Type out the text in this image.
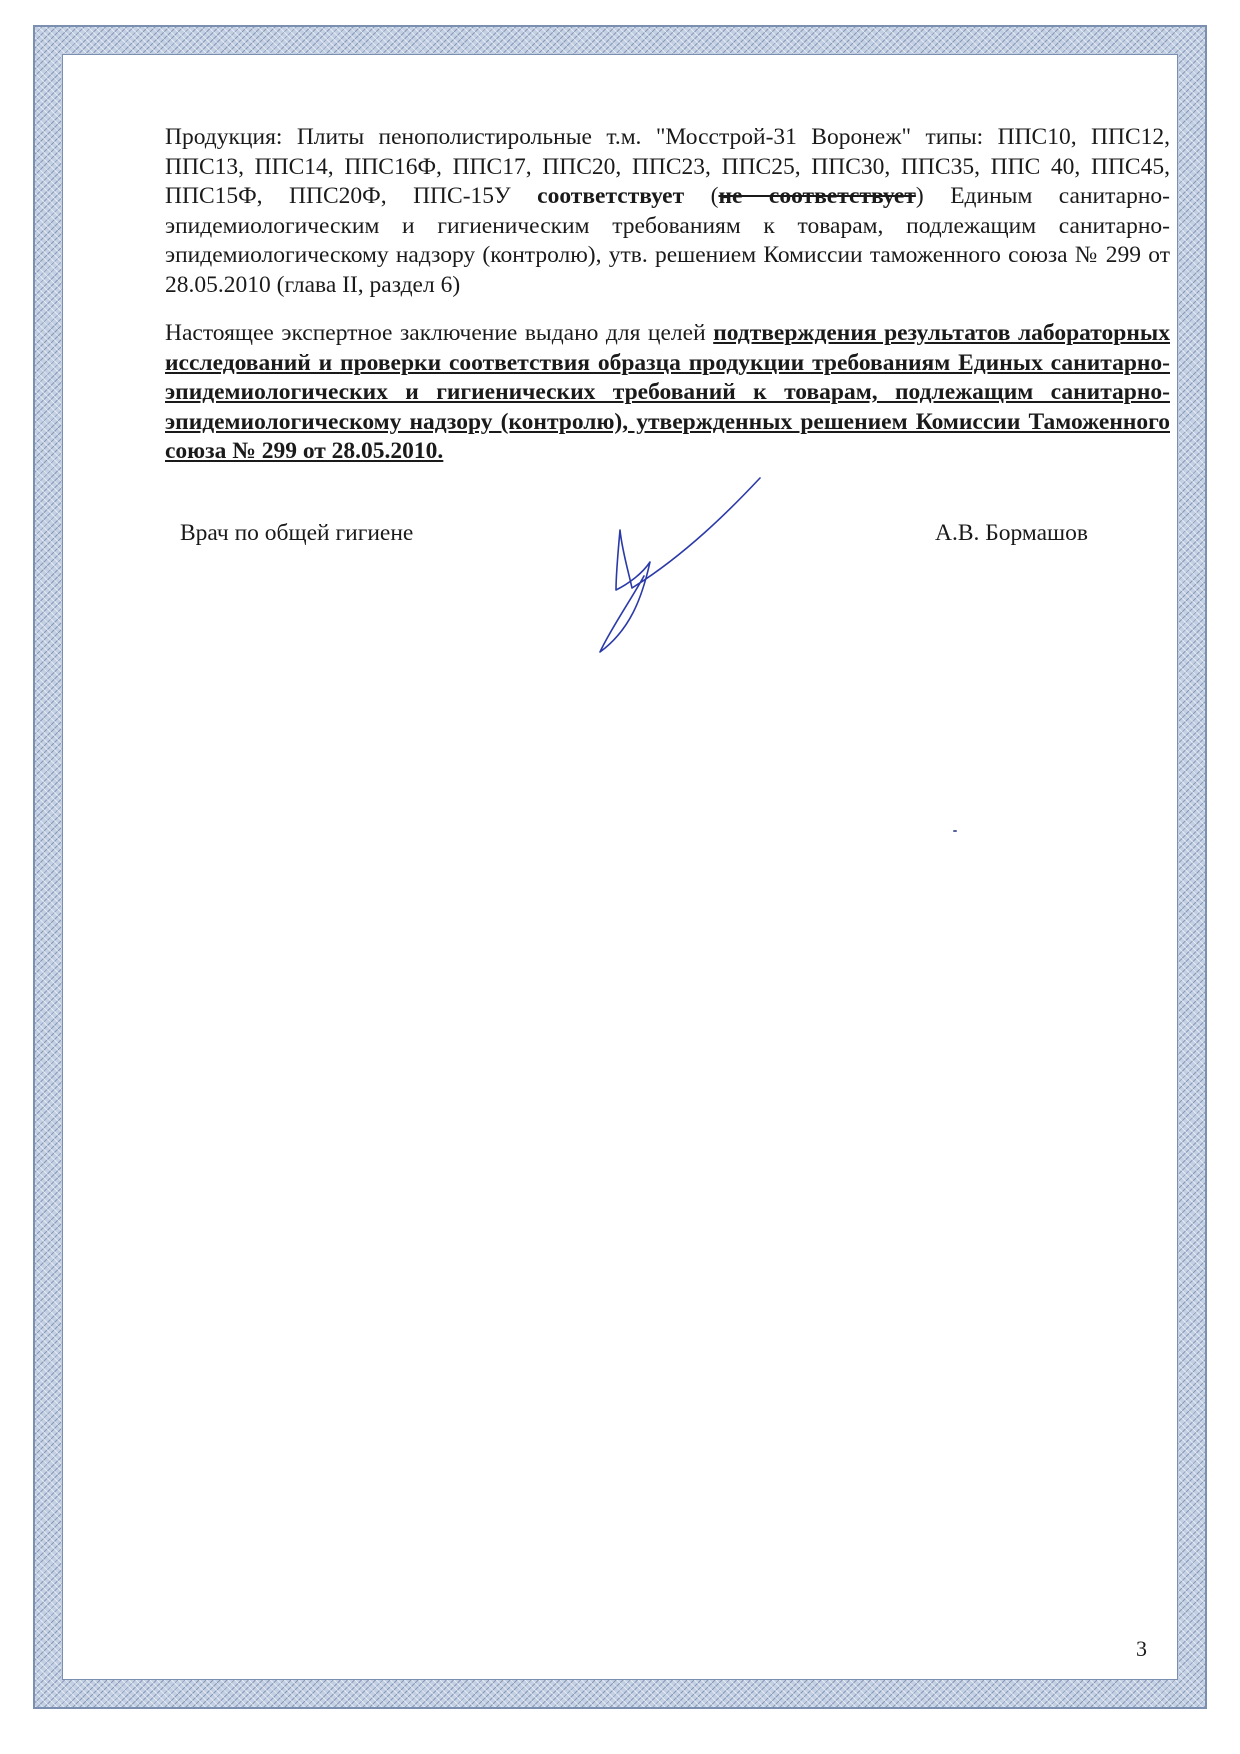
Продукция: Плиты пенополистирольные т.м. "Мосстрой-31 Воронеж" типы: ППС10, ППС12, ППС13, ППС14, ППС16Ф, ППС17, ППС20, ППС23, ППС25, ППС30, ППС35, ППС 40, ППС45, ППС15Ф, ППС20Ф, ППС-15У соответствует (не соответствует) Единым санитарно-эпидемиологическим и гигиеническим требованиям к товарам, подлежащим санитарно-эпидемиологическому надзору (контролю), утв. решением Комиссии таможенного союза № 299 от 28.05.2010 (глава II, раздел 6)

Настоящее экспертное заключение выдано для целей подтверждения результатов лабораторных исследований и проверки соответствия образца продукции требованиям Единых санитарно-эпидемиологических и гигиенических требований к товарам, подлежащим санитарно-эпидемиологическому надзору (контролю), утвержденных решением Комиссии Таможенного союза № 299 от 28.05.2010.

Врач по общей гигиене	А.В. Бормашов
3
